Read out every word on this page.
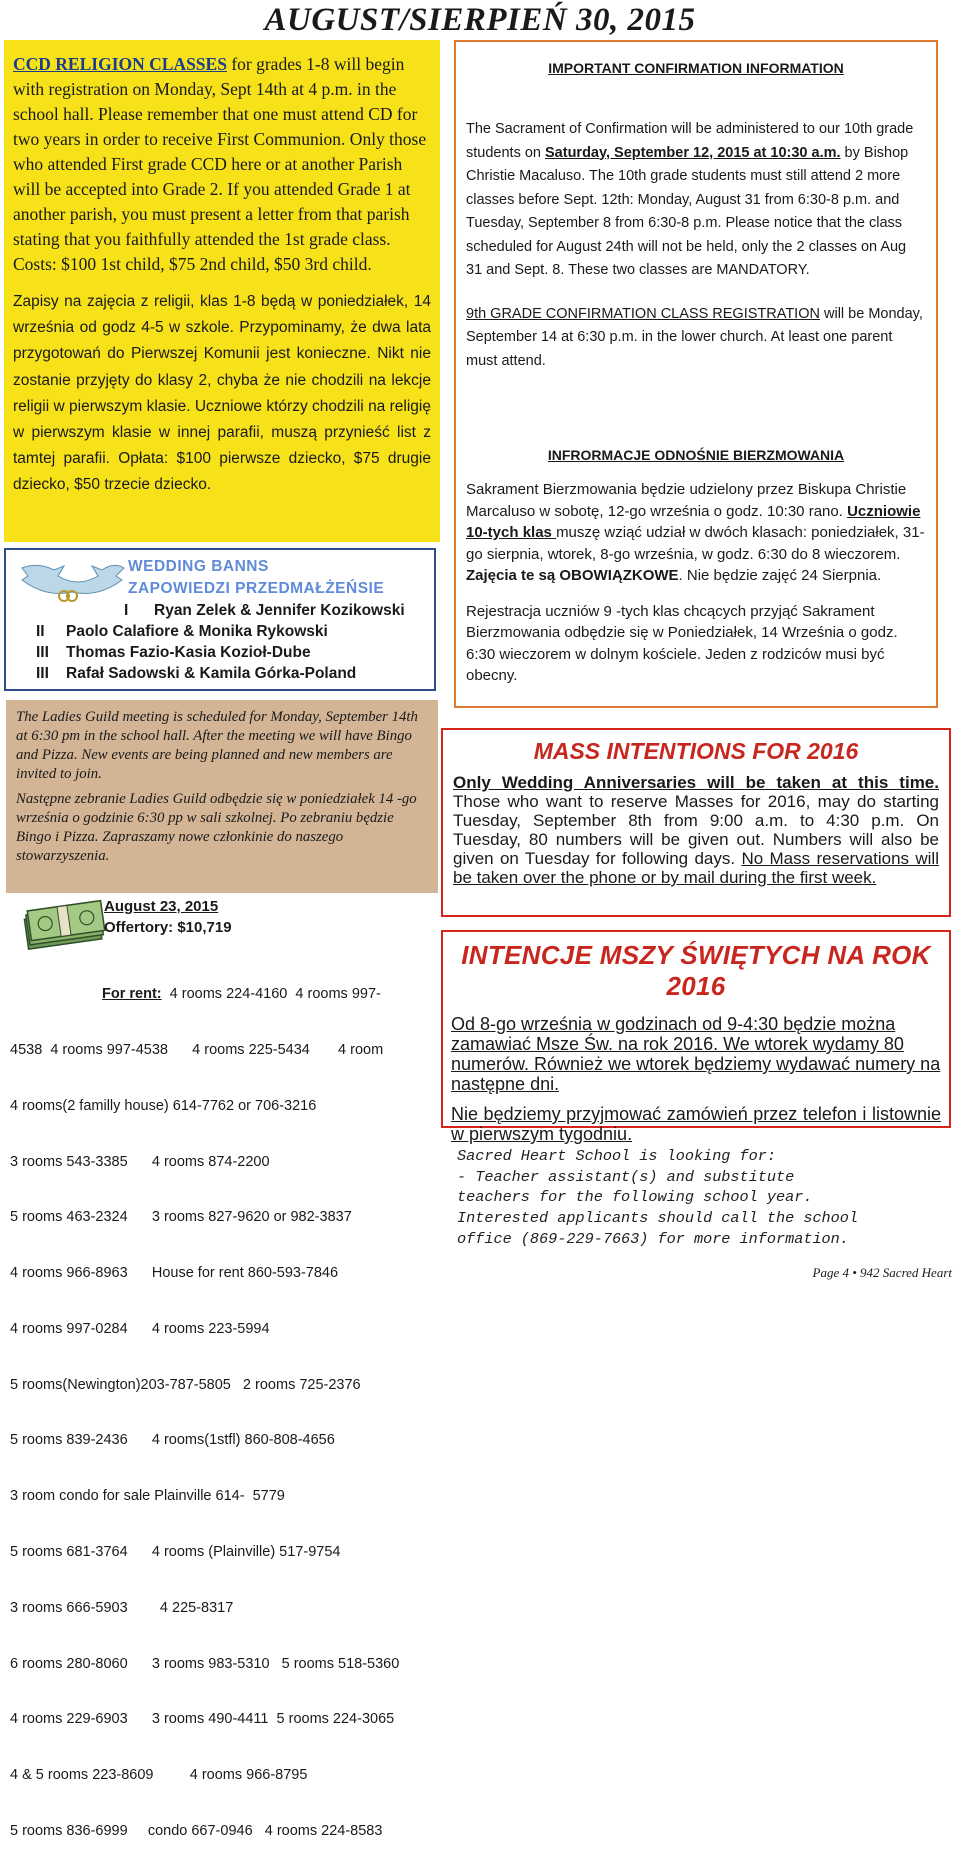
AUGUST/SIERPIEŃ 30, 2015
CCD RELIGION CLASSES for grades 1-8 will begin with registration on Monday, Sept 14th at 4 p.m. in the school hall. Please remember that one must attend CD for two years in order to receive First Communion. Only those who attended First grade CCD here or at another Parish will be accepted into Grade 2. If you attended Grade 1 at another parish, you must present a letter from that parish stating that you faithfully attended the 1st grade class. Costs: $100 1st child, $75 2nd child, $50 3rd child.
Zapisy na zajęcia z religii, klas 1-8 będą w poniedziałek, 14 września od godz 4-5 w szkole. Przypominamy, że dwa lata przygotowań do Pierwszej Komunii jest konieczne. Nikt nie zostanie przyjęty do klasy 2, chyba że nie chodzili na lekcje religii w pierwszym klasie. Uczniowe którzy chodzili na religię w pierwszym klasie w innej parafii, muszą przynieść list z tamtej parafii. Opłata: $100 pierwsze dziecko, $75 drugie dziecko, $50 trzecie dziecko.
WEDDING BANNS
ZAPOWIEDZI PRZEDMAŁŻEŃSIE
I Ryan Zelek & Jennifer Kozikowski
II Paolo Calafiore & Monika Rykowski
III Thomas Fazio-Kasia Kozioł-Dube
III Rafał Sadowski & Kamila Górka-Poland
The Ladies Guild meeting is scheduled for Monday, September 14th at 6:30 pm in the school hall. After the meeting we will have Bingo and Pizza. New events are being planned and new members are invited to join.
Następne zebranie Ladies Guild odbędzie się w poniedziałek 14 -go września o godzinie 6:30 pp w sali szkolnej. Po zebraniu będzie Bingo i Pizza. Zapraszamy nowe członkinie do naszego stowarzyszenia.
August 23, 2015
Offertory: $10,719

For rent:  4 rooms 224-4160  4 rooms 997-

4538  4 rooms 997-4538      4 rooms 225-5434       4 room

4 rooms(2 familly house) 614-7762 or 706-3216

3 rooms 543-3385      4 rooms 874-2200

5 rooms 463-2324      3 rooms 827-9620 or 982-3837

4 rooms 966-8963      House for rent 860-593-7846

4 rooms 997-0284      4 rooms 223-5994

5 rooms(Newington)203-787-5805   2 rooms 725-2376

5 rooms 839-2436      4 rooms(1stfl) 860-808-4656

3 room condo for sale Plainville 614-  5779

5 rooms 681-3764      4 rooms (Plainville) 517-9754

3 rooms 666-5903        4 225-8317

6 rooms 280-8060      3 rooms 983-5310   5 rooms 518-5360

4 rooms 229-6903      3 rooms 490-4411  5 rooms 224-3065

4 & 5 rooms 223-8609         4 rooms 966-8795

5 rooms 836-6999     condo 667-0946   4 rooms 224-8583

IMPORTANT CONFIRMATION INFORMATION
The Sacrament of Confirmation will be administered to our 10th grade students on Saturday, September 12, 2015 at 10:30 a.m. by Bishop Christie Macaluso. The 10th grade students must still attend 2 more classes before Sept. 12th: Monday, August 31 from 6:30-8 p.m. and Tuesday, September 8 from 6:30-8 p.m. Please notice that the class scheduled for August 24th will not be held, only the 2 classes on Aug 31 and Sept. 8. These two classes are MANDATORY.
9th GRADE CONFIRMATION CLASS REGISTRATION will be Monday, September 14 at 6:30 p.m. in the lower church. At least one parent must attend.
INFRORMACJE ODNOŚNIE BIERZMOWANIA
Sakrament Bierzmowania będzie udzielony przez Biskupa Christie Marcaluso w sobotę, 12-go września o godz. 10:30 rano. Uczniowie 10-tych klas muszę wziąć udział w dwóch klasach: poniedziałek, 31-go sierpnia, wtorek, 8-go września, w godz. 6:30 do 8 wieczorem. Zajęcia te są OBOWIĄZKOWE. Nie będzie zajęć 24 Sierpnia.
Rejestracja uczniów 9 -tych klas chcących przyjąć Sakrament Bierzmowania odbędzie się w Poniedziałek, 14 Września o godz. 6:30 wieczorem w dolnym kościele. Jeden z rodziców musi być obecny.
MASS INTENTIONS FOR 2016
Only Wedding Anniversaries will be taken at this time. Those who want to reserve Masses for 2016, may do starting Tuesday, September 8th from 9:00 a.m. to 4:30 p.m. On Tuesday, 80 numbers will be given out. Numbers will also be given on Tuesday for following days. No Mass reservations will be taken over the phone or by mail during the first week.
INTENCJE MSZY ŚWIĘTYCH NA ROK 2016
Od 8-go września w godzinach od 9-4:30 będzie można zamawiać Msze Św. na rok 2016. We wtorek wydamy 80 numerów. Również we wtorek będziemy wydawać numery na następne dni.
Nie będziemy przyjmować zamówień przez telefon i listownie w pierwszym tygodniu.
Sacred Heart School is looking for:
- Teacher assistant(s) and substitute
teachers for the following school year.
Interested applicants should call the school
office (869-229-7663) for more information.
Page 4 • 942 Sacred Heart
